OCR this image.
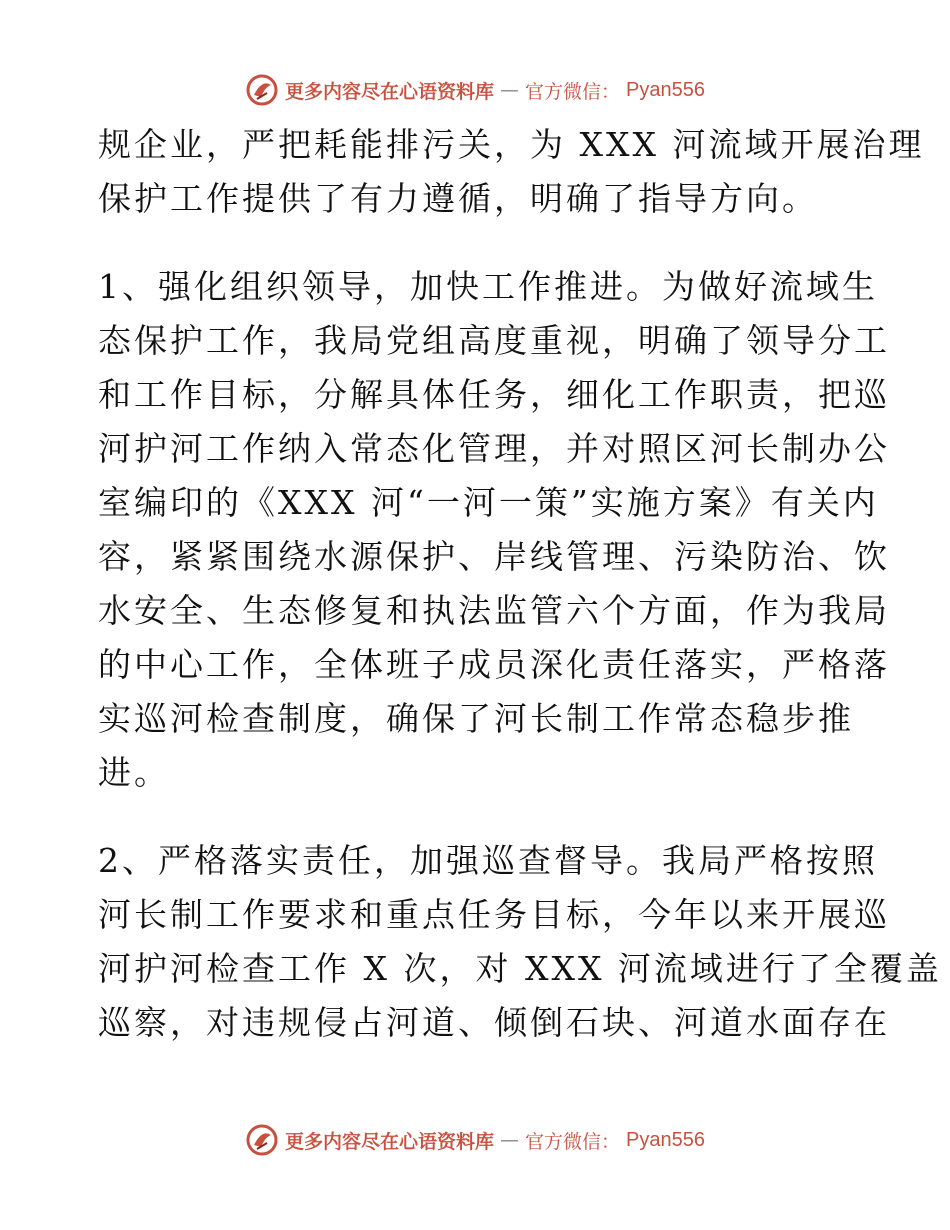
更多内容尽在心语资料库 — 官方微信： Pyan556
规企业，严把耗能排污关，为 XXX 河流域开展治理
保护工作提供了有力遵循，明确了指导方向。
1、强化组织领导，加快工作推进。为做好流域生
态保护工作，我局党组高度重视，明确了领导分工
和工作目标，分解具体任务，细化工作职责，把巡
河护河工作纳入常态化管理，并对照区河长制办公
室编印的《XXX 河“一河一策”实施方案》有关内
容，紧紧围绕水源保护、岸线管理、污染防治、饮
水安全、生态修复和执法监管六个方面，作为我局
的中心工作，全体班子成员深化责任落实，严格落
实巡河检查制度，确保了河长制工作常态稳步推
进。
2、严格落实责任，加强巡查督导。我局严格按照
河长制工作要求和重点任务目标，今年以来开展巡
河护河检查工作 X 次，对 XXX 河流域进行了全覆盖
巡察，对违规侵占河道、倾倒石块、河道水面存在
更多内容尽在心语资料库 — 官方微信： Pyan556
